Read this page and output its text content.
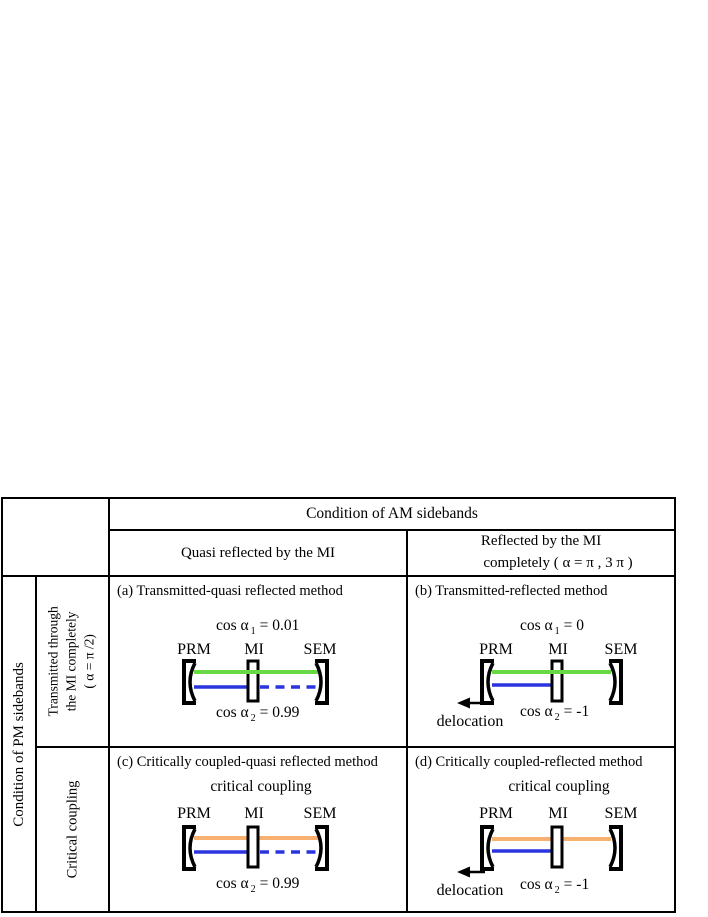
Condition of AM sidebands
Quasi reflected by the MI
Reflected by the MI
completely ( α = π , 3 π )
Condition of PM sidebands
Transmitted through the MI completely ( α = π /2)
Critical coupling
(a) Transmitted-quasi reflected method
cos α $_1$ = 0.01
PRM MI SEM
cos α $_2$ = 0.99
(b) Transmitted-reflected method
cos α $_1$ = 0
PRM MI SEM
delocation
cos α $_2$ = -1
(c) Critically coupled-quasi reflected method
critical coupling
PRM MI SEM
cos α $_2$ = 0.99
(d) Critically coupled-reflected method
critical coupling
PRM MI SEM
delocation cos α $_2$ = -1
